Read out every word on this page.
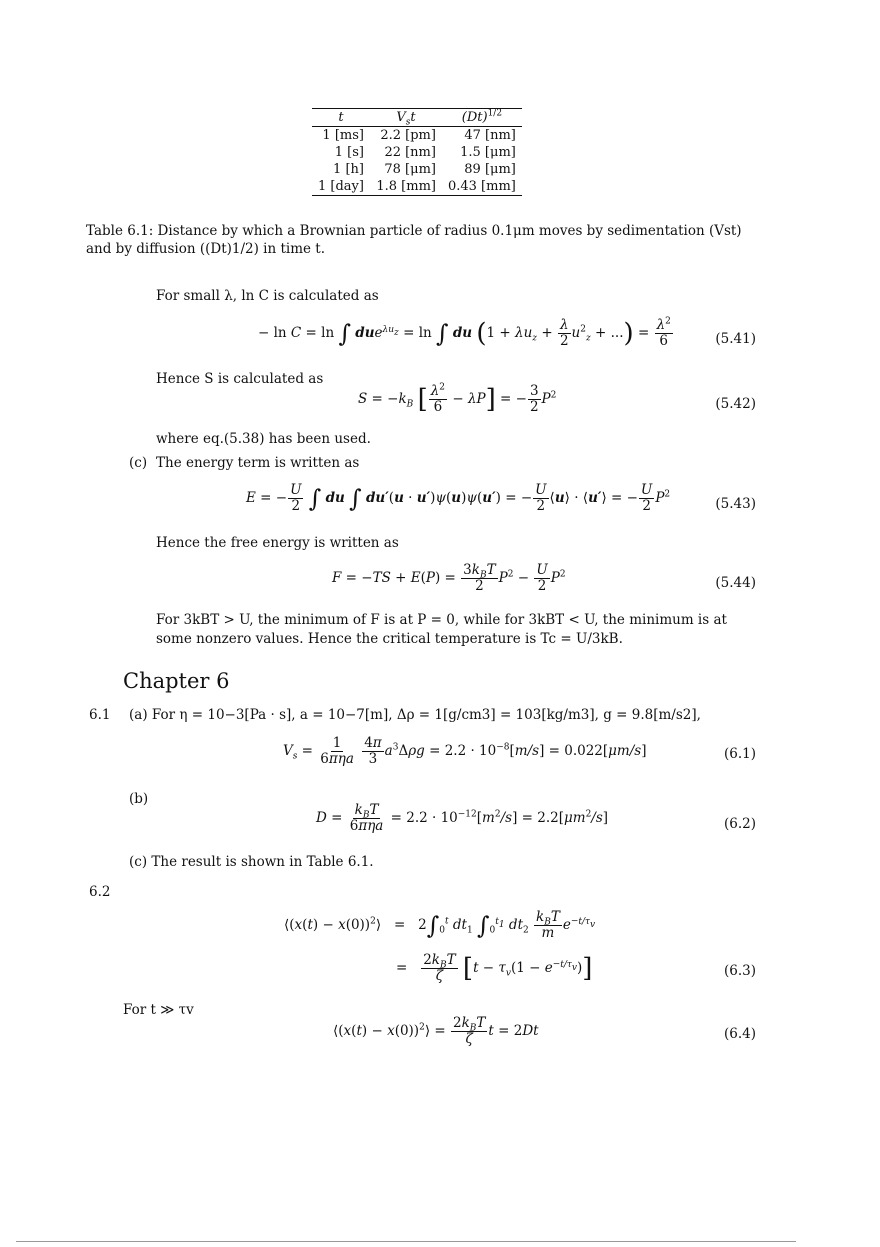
t	$V_st$	$(Dt)^{1/2}$
1 [ms]	2.2 [pm]	47 [nm]
1 [s]	22 [nm]	1.5 [μm]
1 [h]	78 [μm]	89 [μm]
1 [day]	1.8 [mm]	0.43 [mm]
Table 6.1: Distance by which a Brownian particle of radius 0.1μm moves by sedimentation (Vst) and by diffusion ((Dt)1/2) in time t.
For small λ, ln C is calculated as
− ln C = ln ∫ due$^{\lambda u_z}$ = ln ∫ du ($1 + \lambda u_z + \frac{\lambda}{2} u^2_z$ + ...) = $\frac{\lambda^2}{6}$	(5.41)
Hence S is calculated as
$S = -k_B$ [ $\frac{\lambda^2}{6} - \lambda P$] = − $\frac{3}{2} P^2$
(5.42)
where eq.(5.38) has been used.
(c) The energy term is written as
E = − $\frac{U}{2}$ ∫ du ∫ du′(u · u′)ψ(u)ψ(u′) = − $\frac{U}{2}$ ⟨u⟩ · ⟨u′⟩ = − $\frac{U}{2} P^2$
(5.43)
Hence the free energy is written as
$F = -TS + E(P) = \frac{3k_BT}{2} P^2 - \frac{U}{2} P^2$
(5.44)
For 3kBT > U, the minimum of F is at P = 0, while for 3kBT < U, the minimum is at some nonzero values. Hence the critical temperature is Tc = U/3kB.
Chapter 6
6.1 (a) For η = 10−3[Pa · s], a = 10−7[m], Δρ = 1[g/cm3] = 103[kg/m3], g = 9.8[m/s2],
$V_s = \frac{1}{\text{6πηa}}$
$\frac{4\pi}{3} a^3\Delta\rho g = 2.2 \cdot 10^{-8}[m/s] = 0.022[\mu m/s]$	(6.1)
(b)
$D = \frac{k_BT}{\text{6πηa}} = 2.2 \cdot 10^{-12}[m^2/s] = 2.2[\mu m^2/s]$	(6.2)
(c) The result is shown in Table 6.1.
6.2
⟨(x(t) − x(0))$^2$⟩   =   $2\int_0^t$ $dt_1$ $\int_0^{t_1}$ $dt_2 \frac{k_BT}{m} e^{-t/\tau_v}$
= $\frac{2k_BT}{\zeta} [t - \tau_v(1 - e^{-t/\tau_v})]$	(6.3)
For t ≫ τv
⟨(x(t) − x(0))$^2$⟩ = $\frac{2k_BT}{\zeta}$ t = 2Dt	(6.4)
